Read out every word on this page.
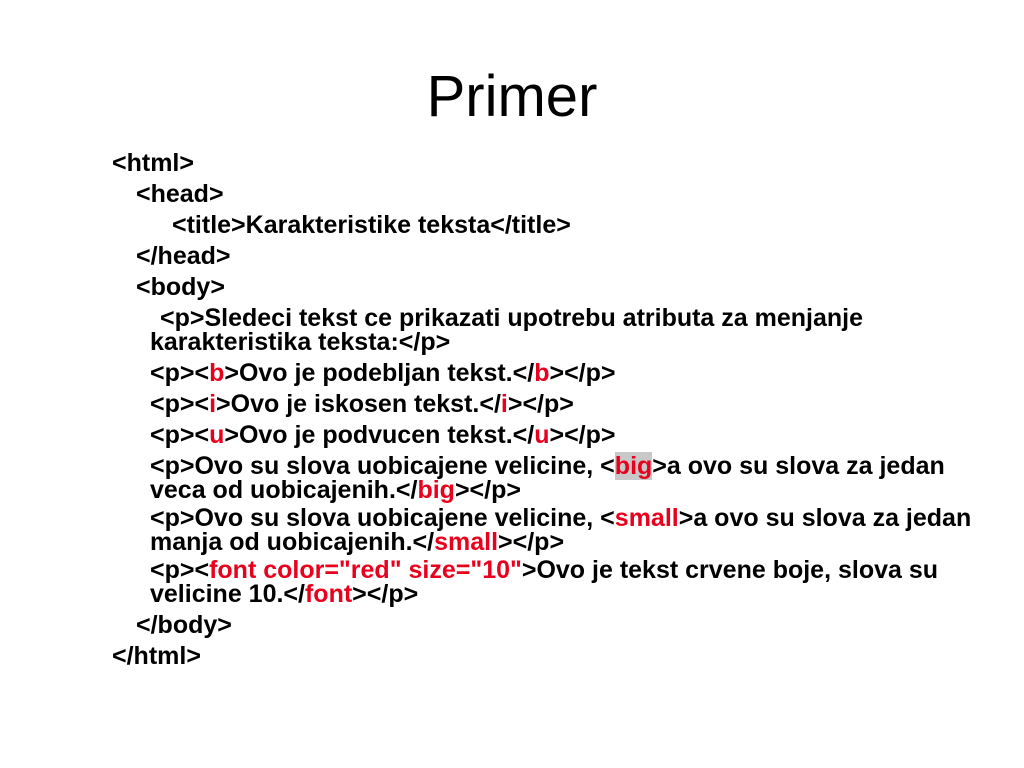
Primer
<html>
<head>
<title>Karakteristike teksta</title>
</head>
<body>
<p>Sledeci tekst ce prikazati upotrebu atributa za menjanje karakteristika teksta:</p>
<p><b>Ovo je podebljan tekst.</b></p>
<p><i>Ovo je iskosen tekst.</i></p>
<p><u>Ovo je podvucen tekst.</u></p>
<p>Ovo su slova uobicajene velicine, <big>a ovo su slova za jedan veca od uobicajenih.</big></p>
<p>Ovo su slova uobicajene velicine, <small>a ovo su slova za jedan manja od uobicajenih.</small></p>
<p><font color="red" size="10">Ovo je tekst crvene boje, slova su velicine 10.</font></p>
</body>
</html>
